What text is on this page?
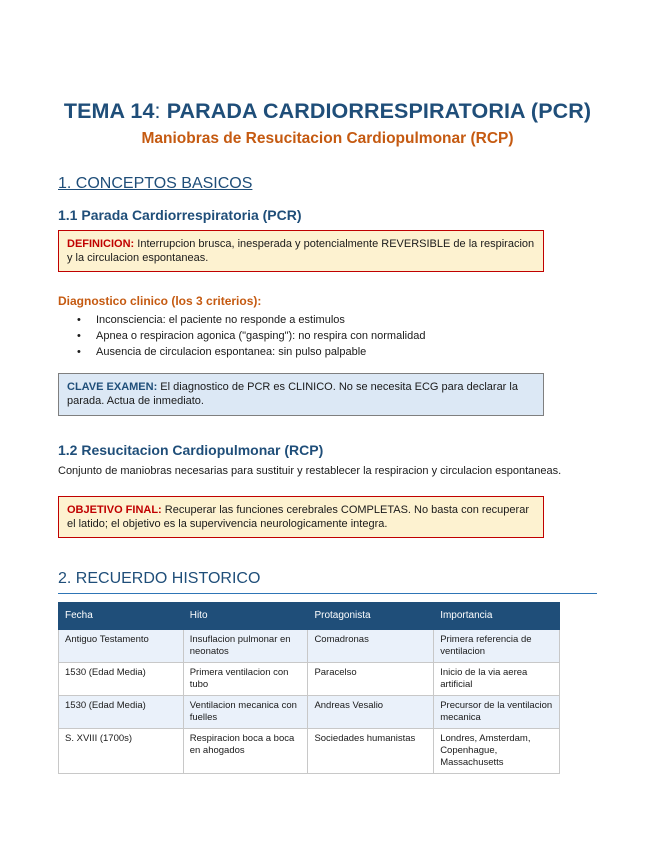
TEMA 14: PARADA CARDIORRESPIRATORIA (PCR)
Maniobras de Resucitacion Cardiopulmonar (RCP)
1. CONCEPTOS BASICOS
1.1 Parada Cardiorrespiratoria (PCR)
DEFINICION: Interrupcion brusca, inesperada y potencialmente REVERSIBLE de la respiracion y la circulacion espontaneas.
Diagnostico clinico (los 3 criterios):
• Inconsciencia: el paciente no responde a estimulos
• Apnea o respiracion agonica ("gasping"): no respira con normalidad
• Ausencia de circulacion espontanea: sin pulso palpable
CLAVE EXAMEN: El diagnostico de PCR es CLINICO. No se necesita ECG para declarar la parada. Actua de inmediato.
1.2 Resucitacion Cardiopulmonar (RCP)
Conjunto de maniobras necesarias para sustituir y restablecer la respiracion y circulacion espontaneas.
OBJETIVO FINAL: Recuperar las funciones cerebrales COMPLETAS. No basta con recuperar el latido; el objetivo es la supervivencia neurologicamente integra.
2. RECUERDO HISTORICO
Fecha	Hito	Protagonista	Importancia
Antiguo Testamento	Insuflacion pulmonar en neonatos	Comadronas	Primera referencia de ventilacion
1530 (Edad Media)	Primera ventilacion con tubo	Paracelso	Inicio de la via aerea artificial
1530 (Edad Media)	Ventilacion mecanica con fuelles	Andreas Vesalio	Precursor de la ventilacion mecanica
S. XVIII (1700s)	Respiracion boca a boca en ahogados	Sociedades humanistas	Londres, Amsterdam, Copenhague, Massachusetts
